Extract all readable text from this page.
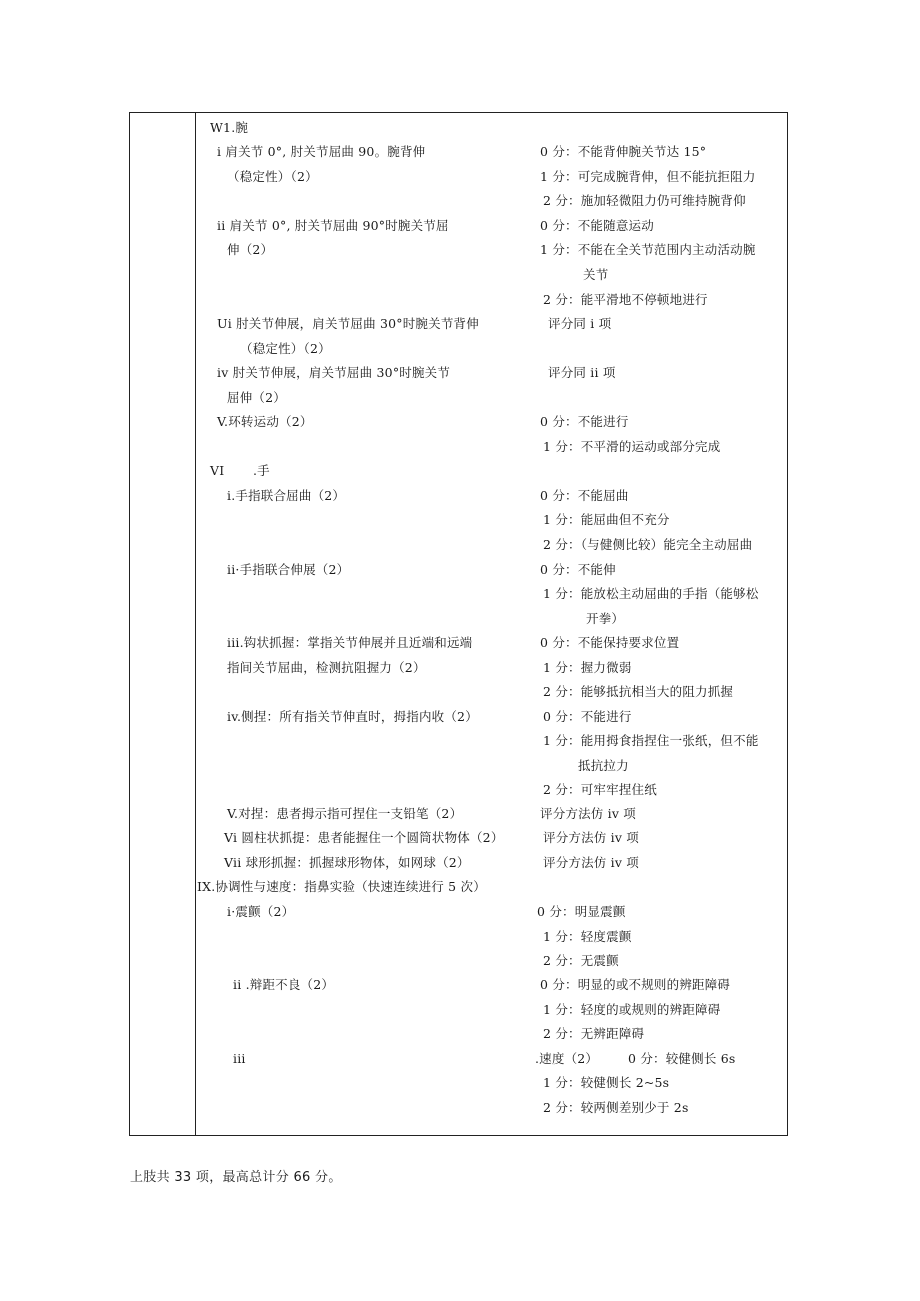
W1.腕
i 肩关节 0°, 肘关节屈曲 90。腕背伸	0 分：不能背伸腕关节达 15°
（稳定性）（2）	1 分：可完成腕背伸，但不能抗拒阻力
2 分：施加轻微阻力仍可维持腕背仰
ii 肩关节 0°, 肘关节屈曲 90°时腕关节屈	0 分：不能随意运动
伸（2）	1 分：不能在全关节范围内主动活动腕
关节
2 分：能平滑地不停顿地进行
Ui 肘关节伸展，肩关节屈曲 30°时腕关节背伸	评分同 i 项
（稳定性）（2）
iv 肘关节伸展，肩关节屈曲 30°时腕关节	评分同 ii 项
屈伸（2）
V.环转运动（2）	0 分：不能进行
1 分：不平滑的运动或部分完成
VI .手
i.手指联合屈曲（2）	0 分：不能屈曲
1 分：能屈曲但不充分
2 分：（与健侧比较）能完全主动屈曲
ii·手指联合伸展（2）	0 分：不能伸
1 分：能放松主动屈曲的手指（能够松
开拳）
iii.钩状抓握：掌指关节伸展并且近端和远端	0 分：不能保持要求位置
指间关节屈曲，检测抗阻握力（2）	1 分：握力微弱
2 分：能够抵抗相当大的阻力抓握
iv.侧捏：所有指关节伸直时，拇指内收（2）	0 分：不能进行
1 分：能用拇食指捏住一张纸，但不能
抵抗拉力
2 分：可牢牢捏住纸
V.对捏：患者拇示指可捏住一支铅笔（2）	评分方法仿 iv 项
Vi 圆柱状抓提：患者能握住一个圆筒状物体（2）	评分方法仿 iv 项
Vii 球形抓握：抓握球形物体，如网球（2）	评分方法仿 iv 项
IX.协调性与速度：指鼻实验（快速连续进行 5 次）
i·震颤（2）	0 分：明显震颤
1 分：轻度震颤
2 分：无震颤
ii .辩距不良（2）	0 分：明显的或不规则的辨距障碍
1 分：轻度的或规则的辨距障碍
2 分：无辨距障碍
iii	.速度（2） 0 分：较健侧长 6s
1 分：较健侧长 2~5s
2 分：较两侧差别少于 2s
上肢共 33 项，最高总计分 66 分。
